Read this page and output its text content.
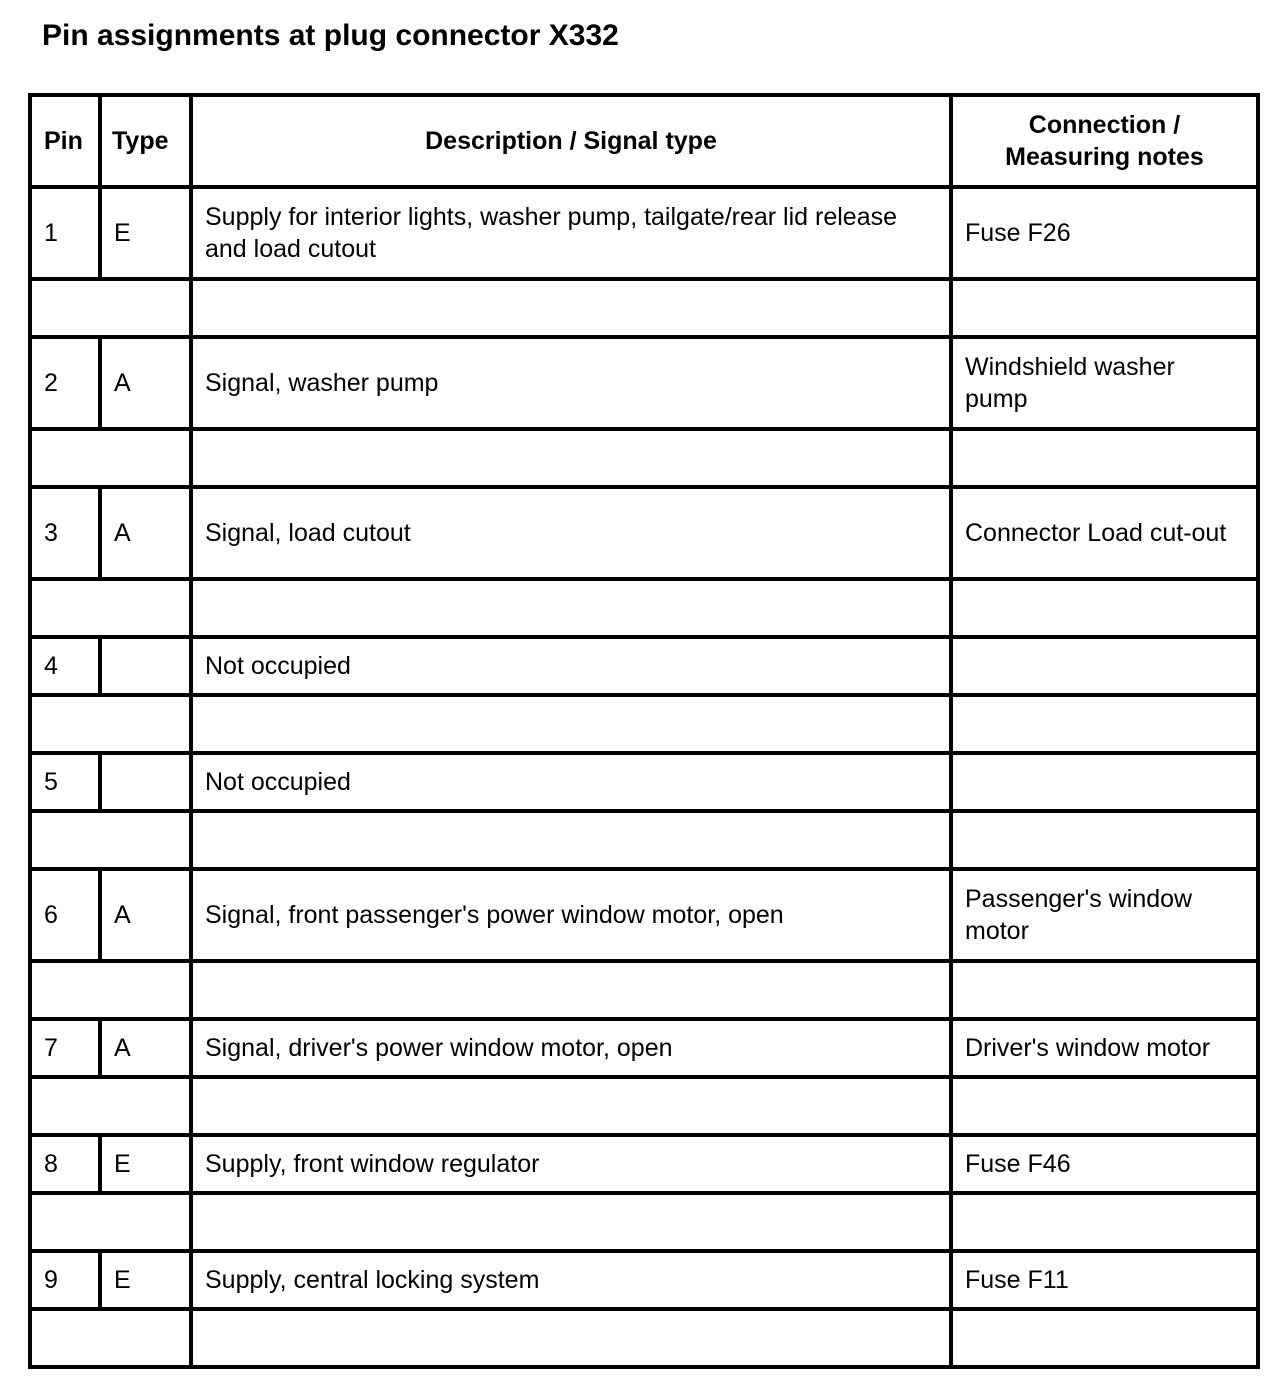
Pin assignments at plug connector X332
Pin	Type	Description / Signal type	Connection /
Measuring notes
1	E	Supply for interior lights, washer pump, tailgate/rear lid release and load cutout	Fuse F26

2	A	Signal, washer pump	Windshield washer pump

3	A	Signal, load cutout	Connector Load cut-out

4		Not occupied	

5		Not occupied	

6	A	Signal, front passenger's power window motor, open	Passenger's window motor

7	A	Signal, driver's power window motor, open	Driver's window motor

8	E	Supply, front window regulator	Fuse F46

9	E	Supply, central locking system	Fuse F11
